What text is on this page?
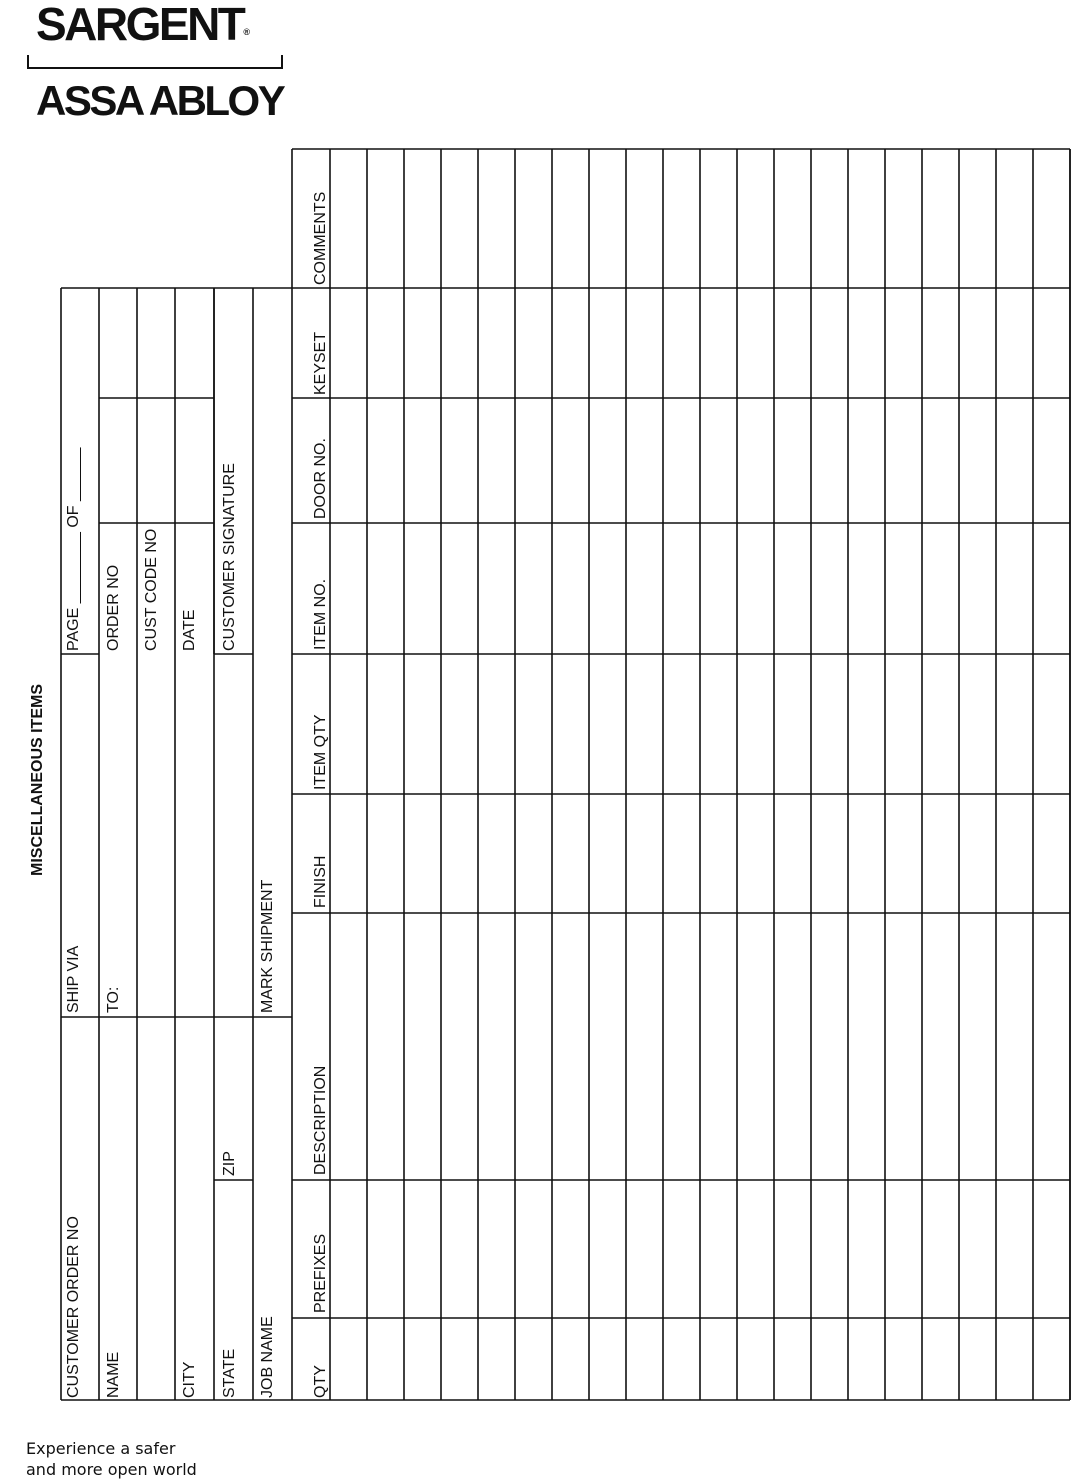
SARGENT®
ASSA ABLOY
MISCELLANEOUS ITEMS
CUSTOMER ORDER NO
SHIP VIA
PAGE ________ OF ______
NAME
TO:
ORDER NO CUST CODE NO
CITY
DATE
STATE
ZIP
CUSTOMER SIGNATURE
JOB NAME
MARK SHIPMENT
QTY
PREFIXES
DESCRIPTION
FINISH
ITEM QTY
ITEM NO.
DOOR NO.
KEYSET
COMMENTS
Experience a safer
and more open world
